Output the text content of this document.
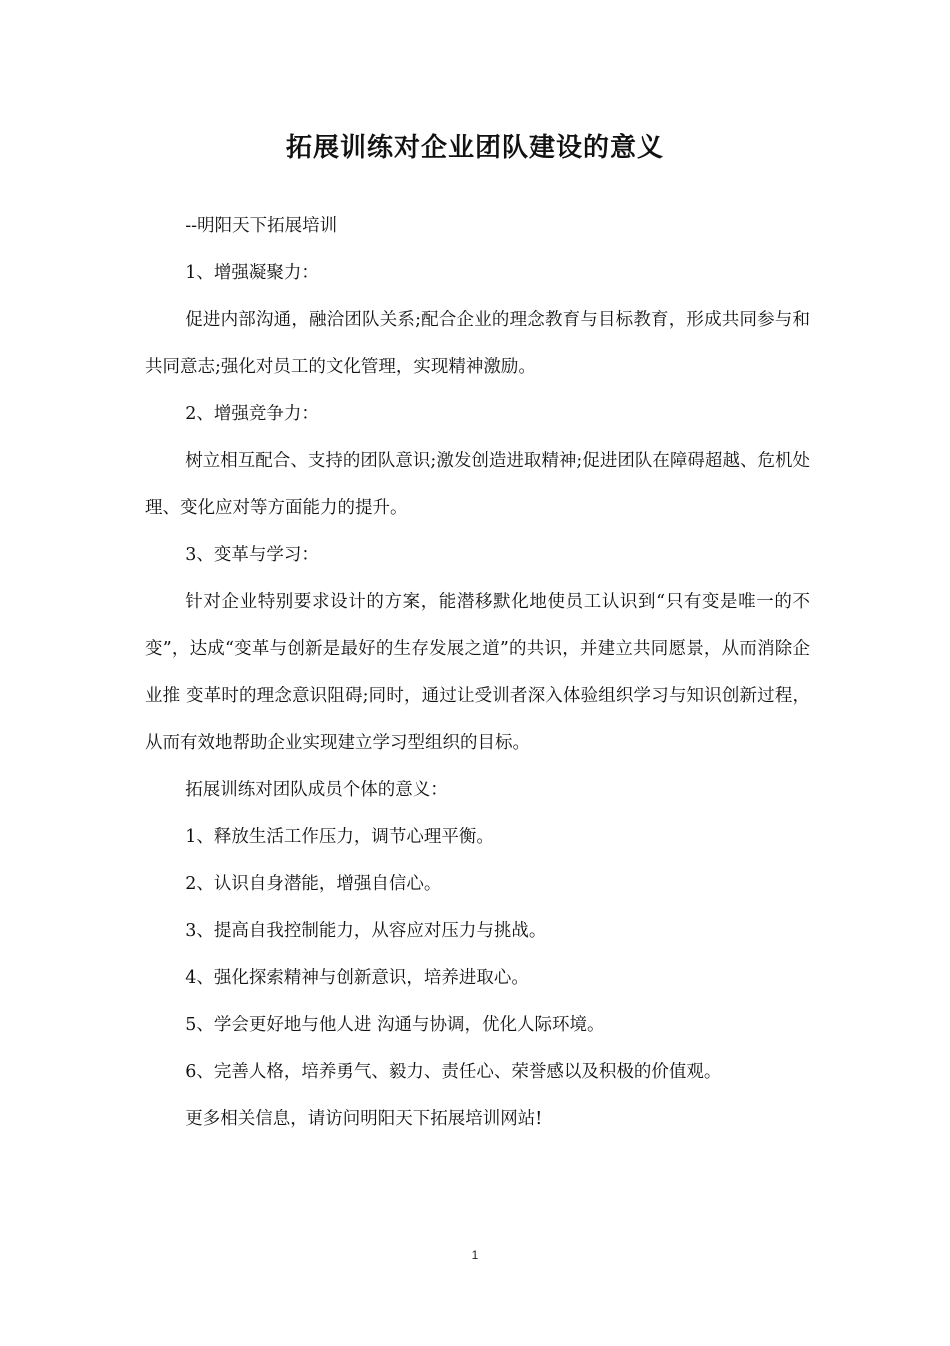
拓展训练对企业团队建设的意义

--明阳天下拓展培训

1、增强凝聚力：

促进内部沟通，融洽团队关系;配合企业的理念教育与目标教育，形成共同参与和共同意志;强化对员工的文化管理，实现精神激励。

2、增强竞争力：

树立相互配合、支持的团队意识;激发创造进取精神;促进团队在障碍超越、危机处理、变化应对等方面能力的提升。

3、变革与学习：

针对企业特别要求设计的方案，能潜移默化地使员工认识到“只有变是唯一的不变”，达成“变革与创新是最好的生存发展之道”的共识，并建立共同愿景，从而消除企业推 变革时的理念意识阻碍;同时，通过让受训者深入体验组织学习与知识创新过程，从而有效地帮助企业实现建立学习型组织的目标。

拓展训练对团队成员个体的意义：

1、释放生活工作压力，调节心理平衡。

2、认识自身潜能，增强自信心。

3、提高自我控制能力，从容应对压力与挑战。

4、强化探索精神与创新意识，培养进取心。

5、学会更好地与他人进 沟通与协调，优化人际环境。

6、完善人格，培养勇气、毅力、责任心、荣誉感以及积极的价值观。

更多相关信息，请访问明阳天下拓展培训网站!

1
